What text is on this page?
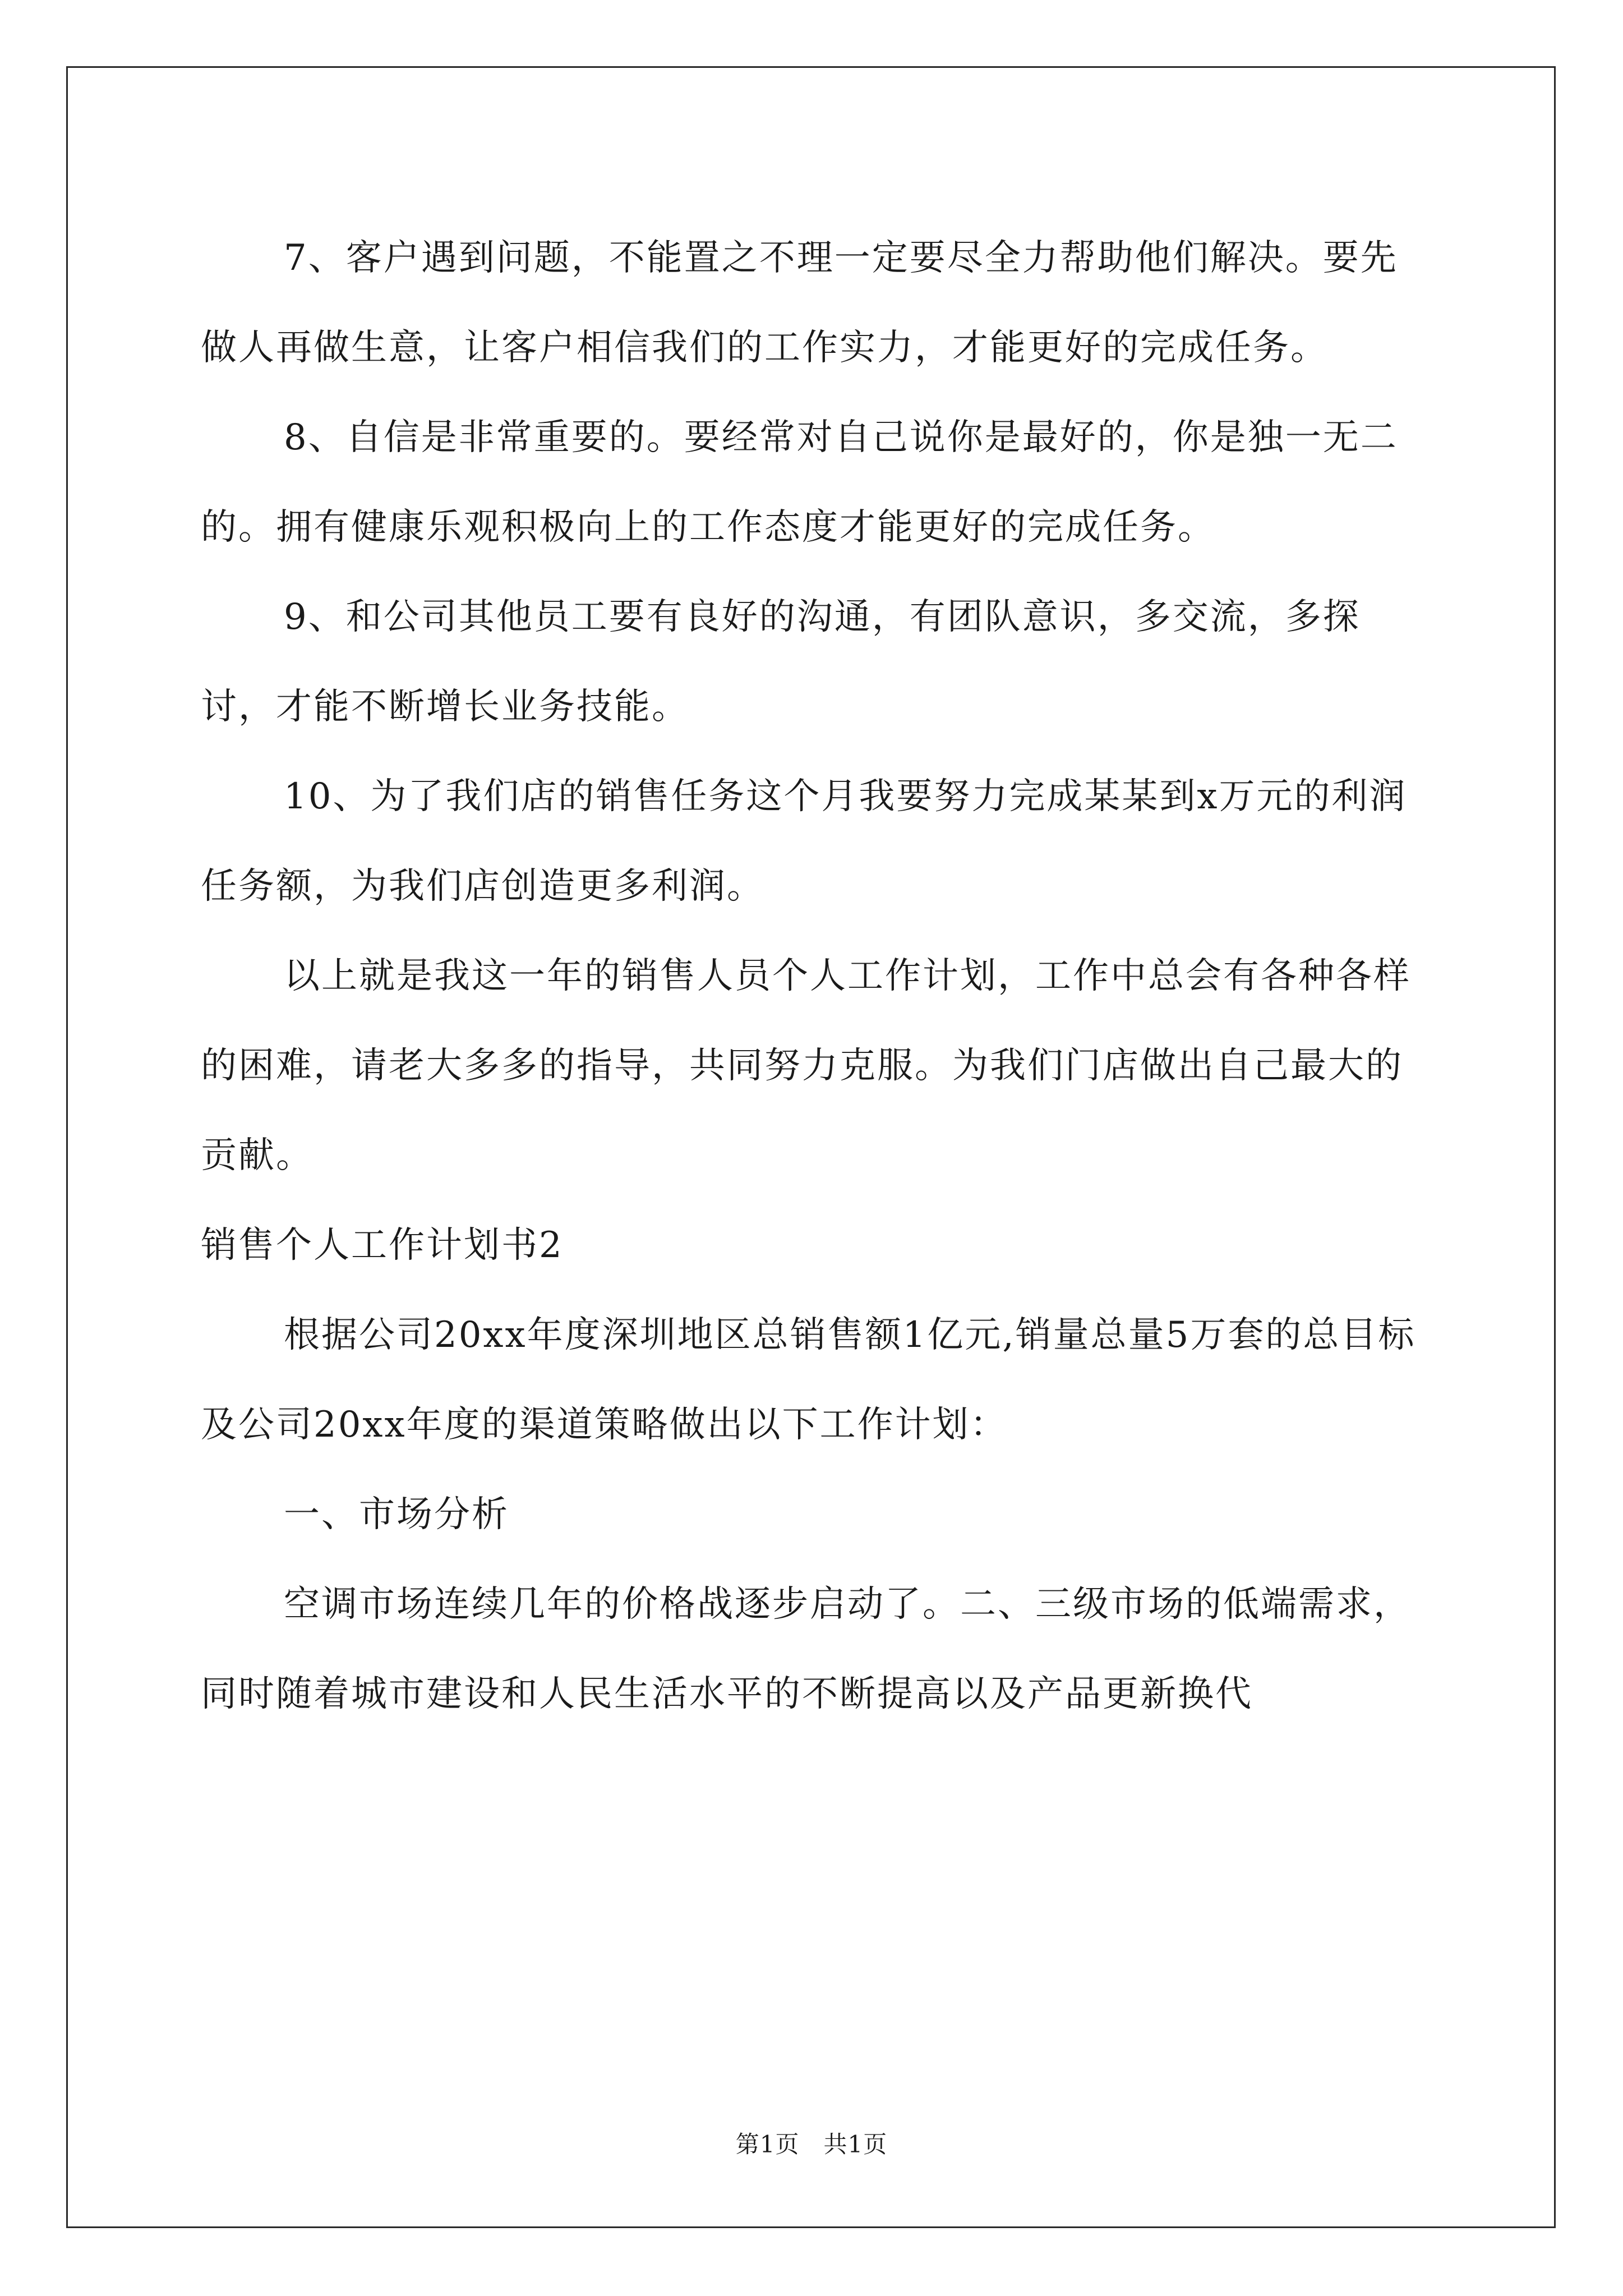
7、客户遇到问题，不能置之不理一定要尽全力帮助他们解决。要先做人再做生意，让客户相信我们的工作实力，才能更好的完成任务。

8、自信是非常重要的。要经常对自己说你是最好的，你是独一无二的。拥有健康乐观积极向上的工作态度才能更好的完成任务。

9、和公司其他员工要有良好的沟通，有团队意识，多交流，多探讨，才能不断增长业务技能。

10、为了我们店的销售任务这个月我要努力完成某某到x万元的利润任务额，为我们店创造更多利润。

以上就是我这一年的销售人员个人工作计划，工作中总会有各种各样的困难，请老大多多的指导，共同努力克服。为我们门店做出自己最大的贡献。

销售个人工作计划书2

根据公司20xx年度深圳地区总销售额1亿元,销量总量5万套的总目标及公司20xx年度的渠道策略做出以下工作计划：

一、市场分析

空调市场连续几年的价格战逐步启动了。二、三级市场的低端需求，同时随着城市建设和人民生活水平的不断提高以及产品更新换代

第1页　共1页
